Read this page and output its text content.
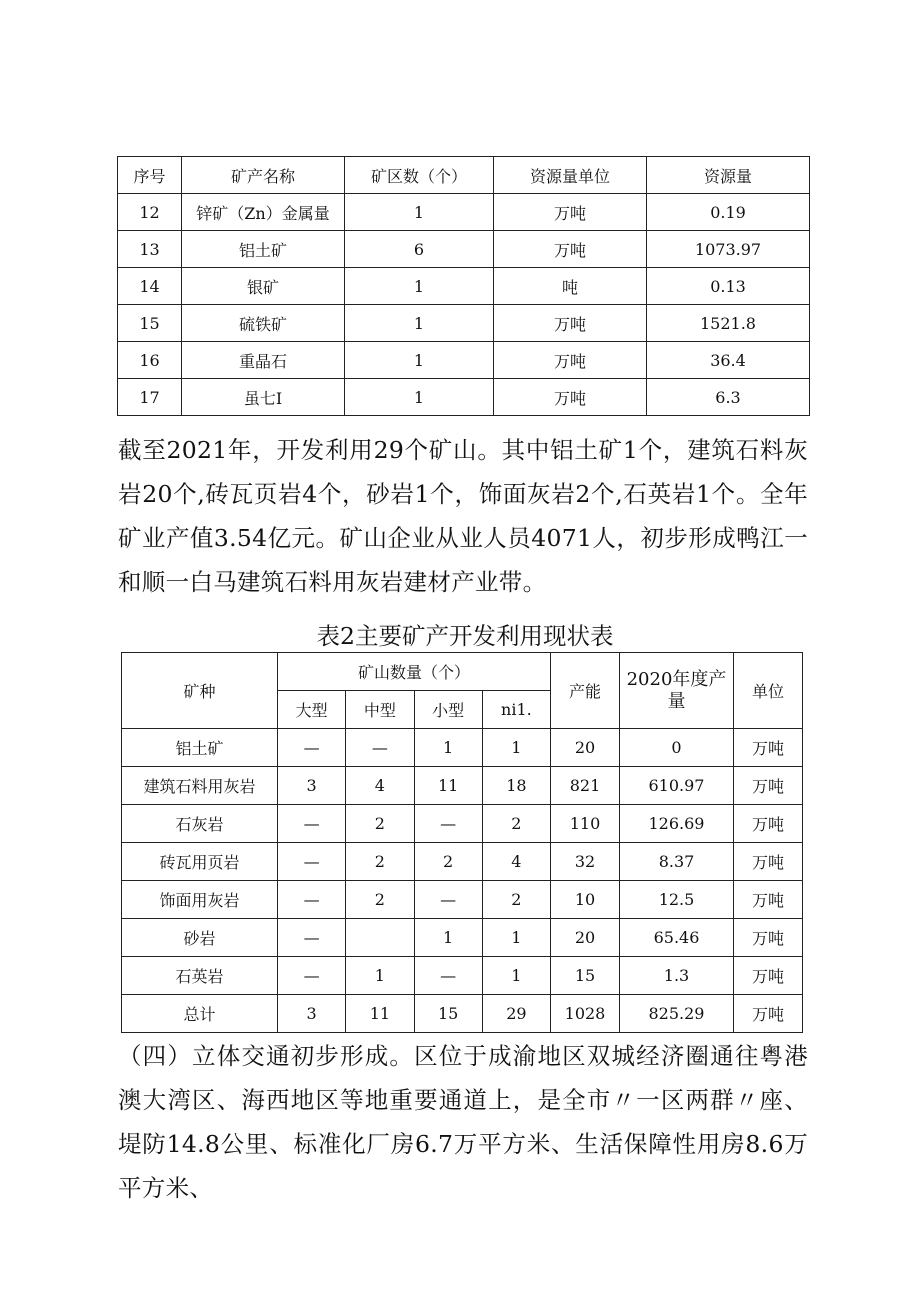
序号	矿产名称	矿区数（个）	资源量单位	资源量
12	锌矿（Zn）金属量	1	万吨	0.19
13	铝土矿	6	万吨	1073.97
14	银矿	1	吨	0.13
15	硫铁矿	1	万吨	1521.8
16	重晶石	1	万吨	36.4
17	虽七I	1	万吨	6.3
截至2021年，开发利用29个矿山。其中铝土矿1个，建筑石料灰岩20个,砖瓦页岩4个，砂岩1个，饰面灰岩2个,石英岩1个。全年矿业产值3.54亿元。矿山企业从业人员4071人，初步形成鸭江一和顺一白马建筑石料用灰岩建材产业带。
表2主要矿产开发利用现状表
矿种	矿山数量（个）				产能	2020年度产量	单位
	大型	中型	小型	ni1.			
铝土矿	—	—	1	1	20	0	万吨
建筑石料用灰岩	3	4	11	18	821	610.97	万吨
石灰岩	—	2	—	2	110	126.69	万吨
砖瓦用页岩	—	2	2	4	32	8.37	万吨
饰面用灰岩	—	2	—	2	10	12.5	万吨
砂岩	—		1	1	20	65.46	万吨
石英岩	—	1	—	1	15	1.3	万吨
总计	3	11	15	29	1028	825.29	万吨
（四）立体交通初步形成。区位于成渝地区双城经济圈通往粤港澳大湾区、海西地区等地重要通道上，是全市〃一区两群〃座、堤防14.8公里、标准化厂房6.7万平方米、生活保障性用房8.6万平方米、
